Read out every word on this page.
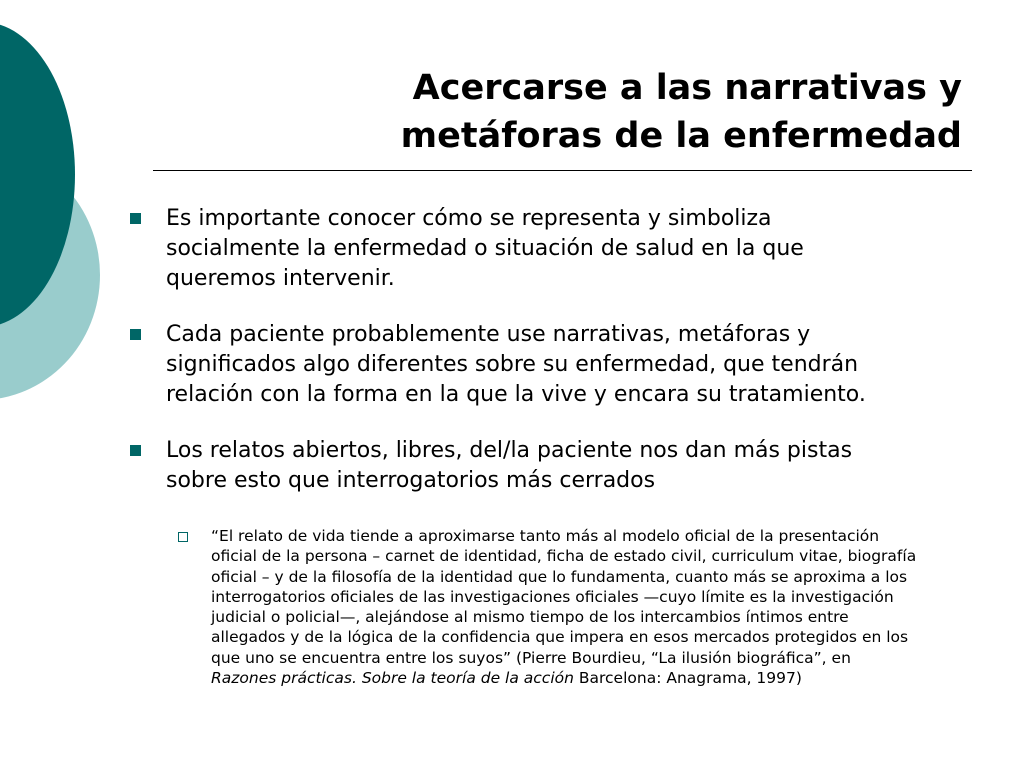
Acercarse a las narrativas y
metáforas de la enfermedad

Es importante conocer cómo se representa y simboliza

socialmente la enfermedad o situación de salud en la que

queremos intervenir.

Cada paciente probablemente use narrativas, metáforas y

significados algo diferentes sobre su enfermedad, que tendrán

relación con la forma en la que la vive y encara su tratamiento.

Los relatos abiertos, libres, del/la paciente nos dan más pistas

sobre esto que interrogatorios más cerrados

“El relato de vida tiende a aproximarse tanto más al modelo oficial de la presentación

oficial de la persona – carnet de identidad, ficha de estado civil, curriculum vitae, biografía

oficial – y de la filosofía de la identidad que lo fundamenta, cuanto más se aproxima a los

interrogatorios oficiales de las investigaciones oficiales —cuyo límite es la investigación

judicial o policial—, alejándose al mismo tiempo de los intercambios íntimos entre

allegados y de la lógica de la confidencia que impera en esos mercados protegidos en los

que uno se encuentra entre los suyos” (Pierre Bourdieu, “La ilusión biográfica”, en

Razones prácticas. Sobre la teoría de la acción Barcelona: Anagrama, 1997)
